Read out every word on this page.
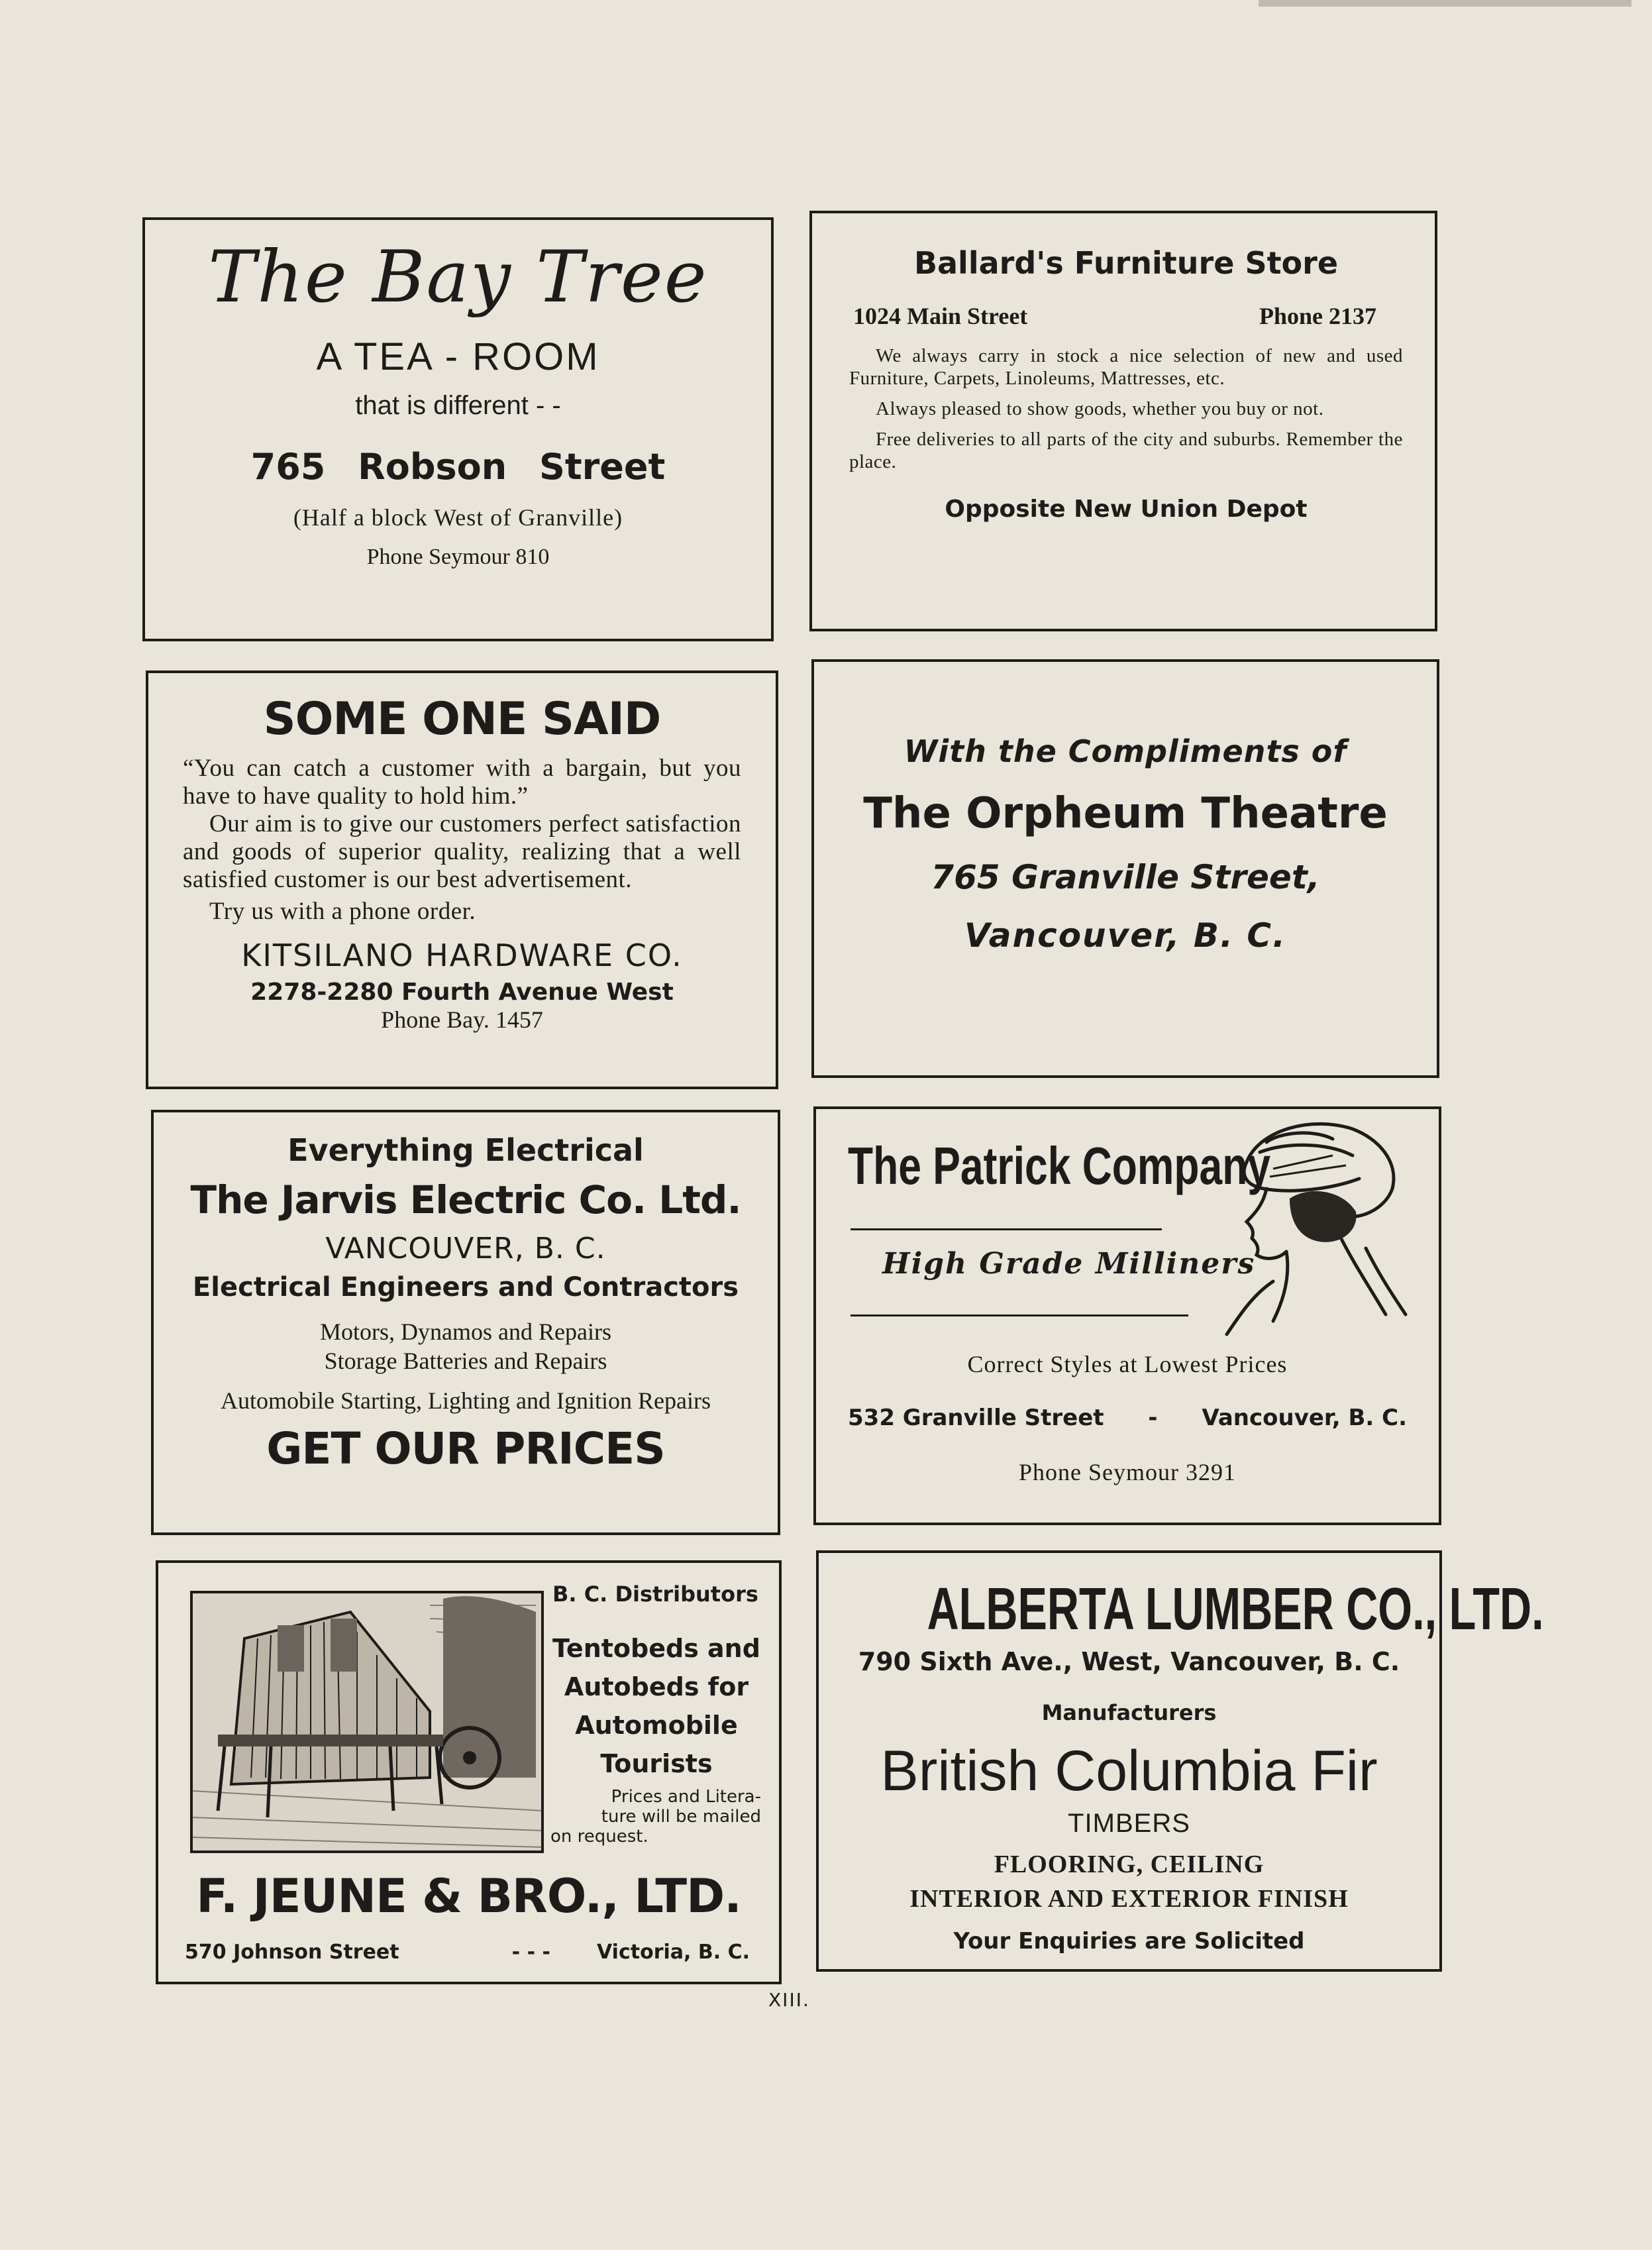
The Bay Tree
A TEA - ROOM
that is different - -
765 Robson Street
(Half a block West of Granville)
Phone Seymour 810
Ballard's Furniture Store
1024 Main Street	Phone 2137

We always carry in stock a nice selection of new and used Furniture, Carpets, Linoleums, Mattresses, etc.

Always pleased to show goods, whether you buy or not.

Free deliveries to all parts of the city and suburbs. Remember the place.

Opposite New Union Depot
SOME ONE SAID
“You can catch a customer with a bargain, but you have to have quality to hold him.”

Our aim is to give our customers perfect satisfaction and goods of superior quality, realizing that a well satisfied customer is our best advertisement.

Try us with a phone order.

KITSILANO HARDWARE CO.
2278-2280 Fourth Avenue West
Phone Bay. 1457
With the Compliments of
The Orpheum Theatre
765 Granville Street,
Vancouver, B. C.
Everything Electrical
The Jarvis Electric Co. Ltd.
VANCOUVER, B. C.
Electrical Engineers and Contractors
Motors, Dynamos and Repairs
Storage Batteries and Repairs
Automobile Starting, Lighting and Ignition Repairs
GET OUR PRICES
The Patrick Company
High Grade Milliners
Correct Styles at Lowest Prices
532 Granville Street - Vancouver, B. C.
Phone Seymour 3291
B. C. Distributors
Tentobeds and
Autobeds for
Automobile
Tourists
Prices and Litera-
ture will be mailed
on request.
F. JEUNE & BRO., LTD.
570 Johnson Street	- - - Victoria, B. C.
ALBERTA LUMBER CO., LTD.
790 Sixth Ave., West, Vancouver, B. C.
Manufacturers
British Columbia Fir
TIMBERS
FLOORING, CEILING
INTERIOR AND EXTERIOR FINISH
Your Enquiries are Solicited
XIII.
